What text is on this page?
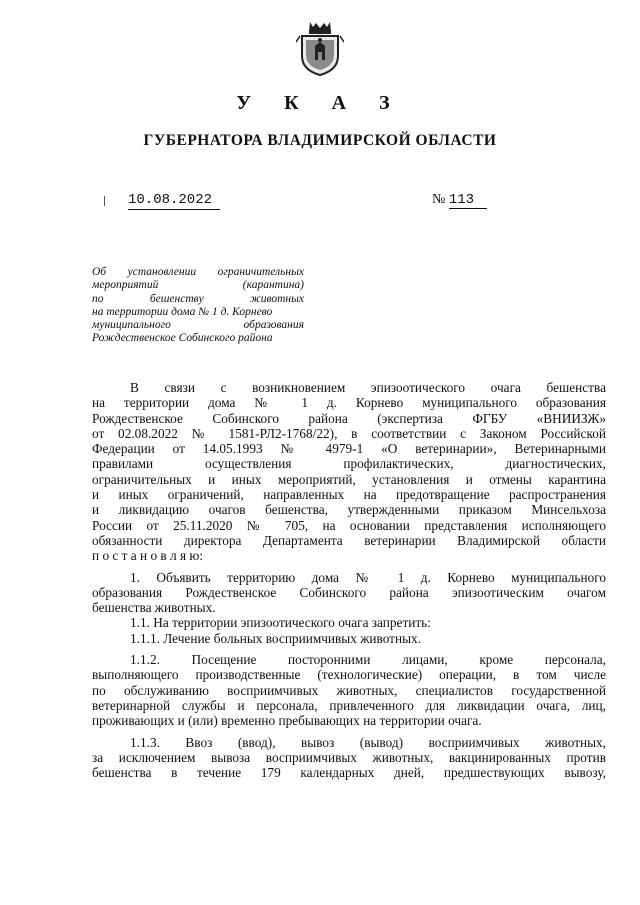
У К А З
ГУБЕРНАТОРА ВЛАДИМИРСКОЙ ОБЛАСТИ
10.08.2022	№ 113
Об установлении ограничительных
мероприятий (карантина)
по бешенству животных
на территории дома № 1 д. Корнево
муниципального образования
Рождественское Собинского района
В связи с возникновением эпизоотического очага бешенства
на территории дома № 1 д. Корнево муниципального образования
Рождественское Собинского района (экспертиза ФГБУ «ВНИИЗЖ»
от 02.08.2022 № 1581-РЛ2-1768/22), в соответствии с Законом Российской
Федерации от 14.05.1993 № 4979-1 «О ветеринарии», Ветеринарными
правилами осуществления профилактических, диагностических,
ограничительных и иных мероприятий, установления и отмены карантина
и иных ограничений, направленных на предотвращение распространения
и ликвидацию очагов бешенства, утвержденными приказом Минсельхоза
России от 25.11.2020 № 705, на основании представления исполняющего
обязанности директора Департамента ветеринарии Владимирской области
п о с т а н о в л я ю:
1. Объявить территорию дома № 1 д. Корнево муниципального
образования Рождественское Собинского района эпизоотическим очагом
бешенства животных.
1.1. На территории эпизоотического очага запретить:
1.1.1. Лечение больных восприимчивых животных.
1.1.2. Посещение посторонними лицами, кроме персонала,
выполняющего производственные (технологические) операции, в том числе
по обслуживанию восприимчивых животных, специалистов государственной
ветеринарной службы и персонала, привлеченного для ликвидации очага, лиц,
проживающих и (или) временно пребывающих на территории очага.
1.1.3. Ввоз (ввод), вывоз (вывод) восприимчивых животных,
за исключением вывоза восприимчивых животных, вакцинированных против
бешенства в течение 179 календарных дней, предшествующих вывозу,
